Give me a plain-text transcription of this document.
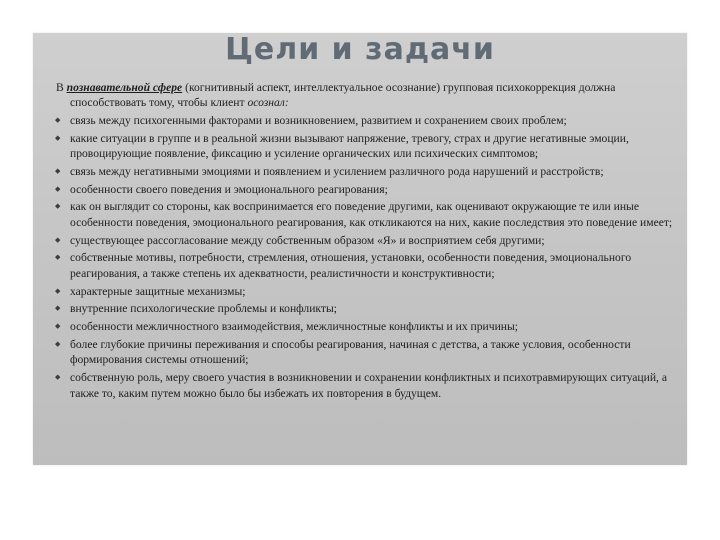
Цели и задачи

В познавательной сфере (когнитивный аспект, интеллектуальное осознание) групповая психокоррекция должна способствовать тому, чтобы клиент осознал:

◆ связь между психогенными факторами и возникновением, развитием и сохранением своих проблем;
◆ какие ситуации в группе и в реальной жизни вызывают напряжение, тревогу, страх и другие негативные эмоции, провоцирующие появление, фиксацию и усиление органических или психических симптомов;
◆ связь между негативными эмоциями и появлением и усилением различного рода нарушений и расстройств;
◆ особенности своего поведения и эмоционального реагирования;
◆ как он выглядит со стороны, как воспринимается его поведение другими, как оценивают окружающие те или иные особенности поведения, эмоционального реагирования, как откликаются на них, какие последствия это поведение имеет;
◆ существующее рассогласование между собственным образом «Я» и восприятием себя другими;
◆ собственные мотивы, потребности, стремления, отношения, установки, особенности поведения, эмоционального реагирования, а также степень их адекватности, реалистичности и конструктивности;
◆ характерные защитные механизмы;
◆ внутренние психологические проблемы и конфликты;
◆ особенности межличностного взаимодействия, межличностные конфликты и их причины;
◆ более глубокие причины переживания и способы реагирования, начиная с детства, а также условия, особенности формирования системы отношений;
◆ собственную роль, меру своего участия в возникновении и сохранении конфликтных и психотравмирующих ситуаций, а также то, каким путем можно было бы избежать их повторения в будущем.
